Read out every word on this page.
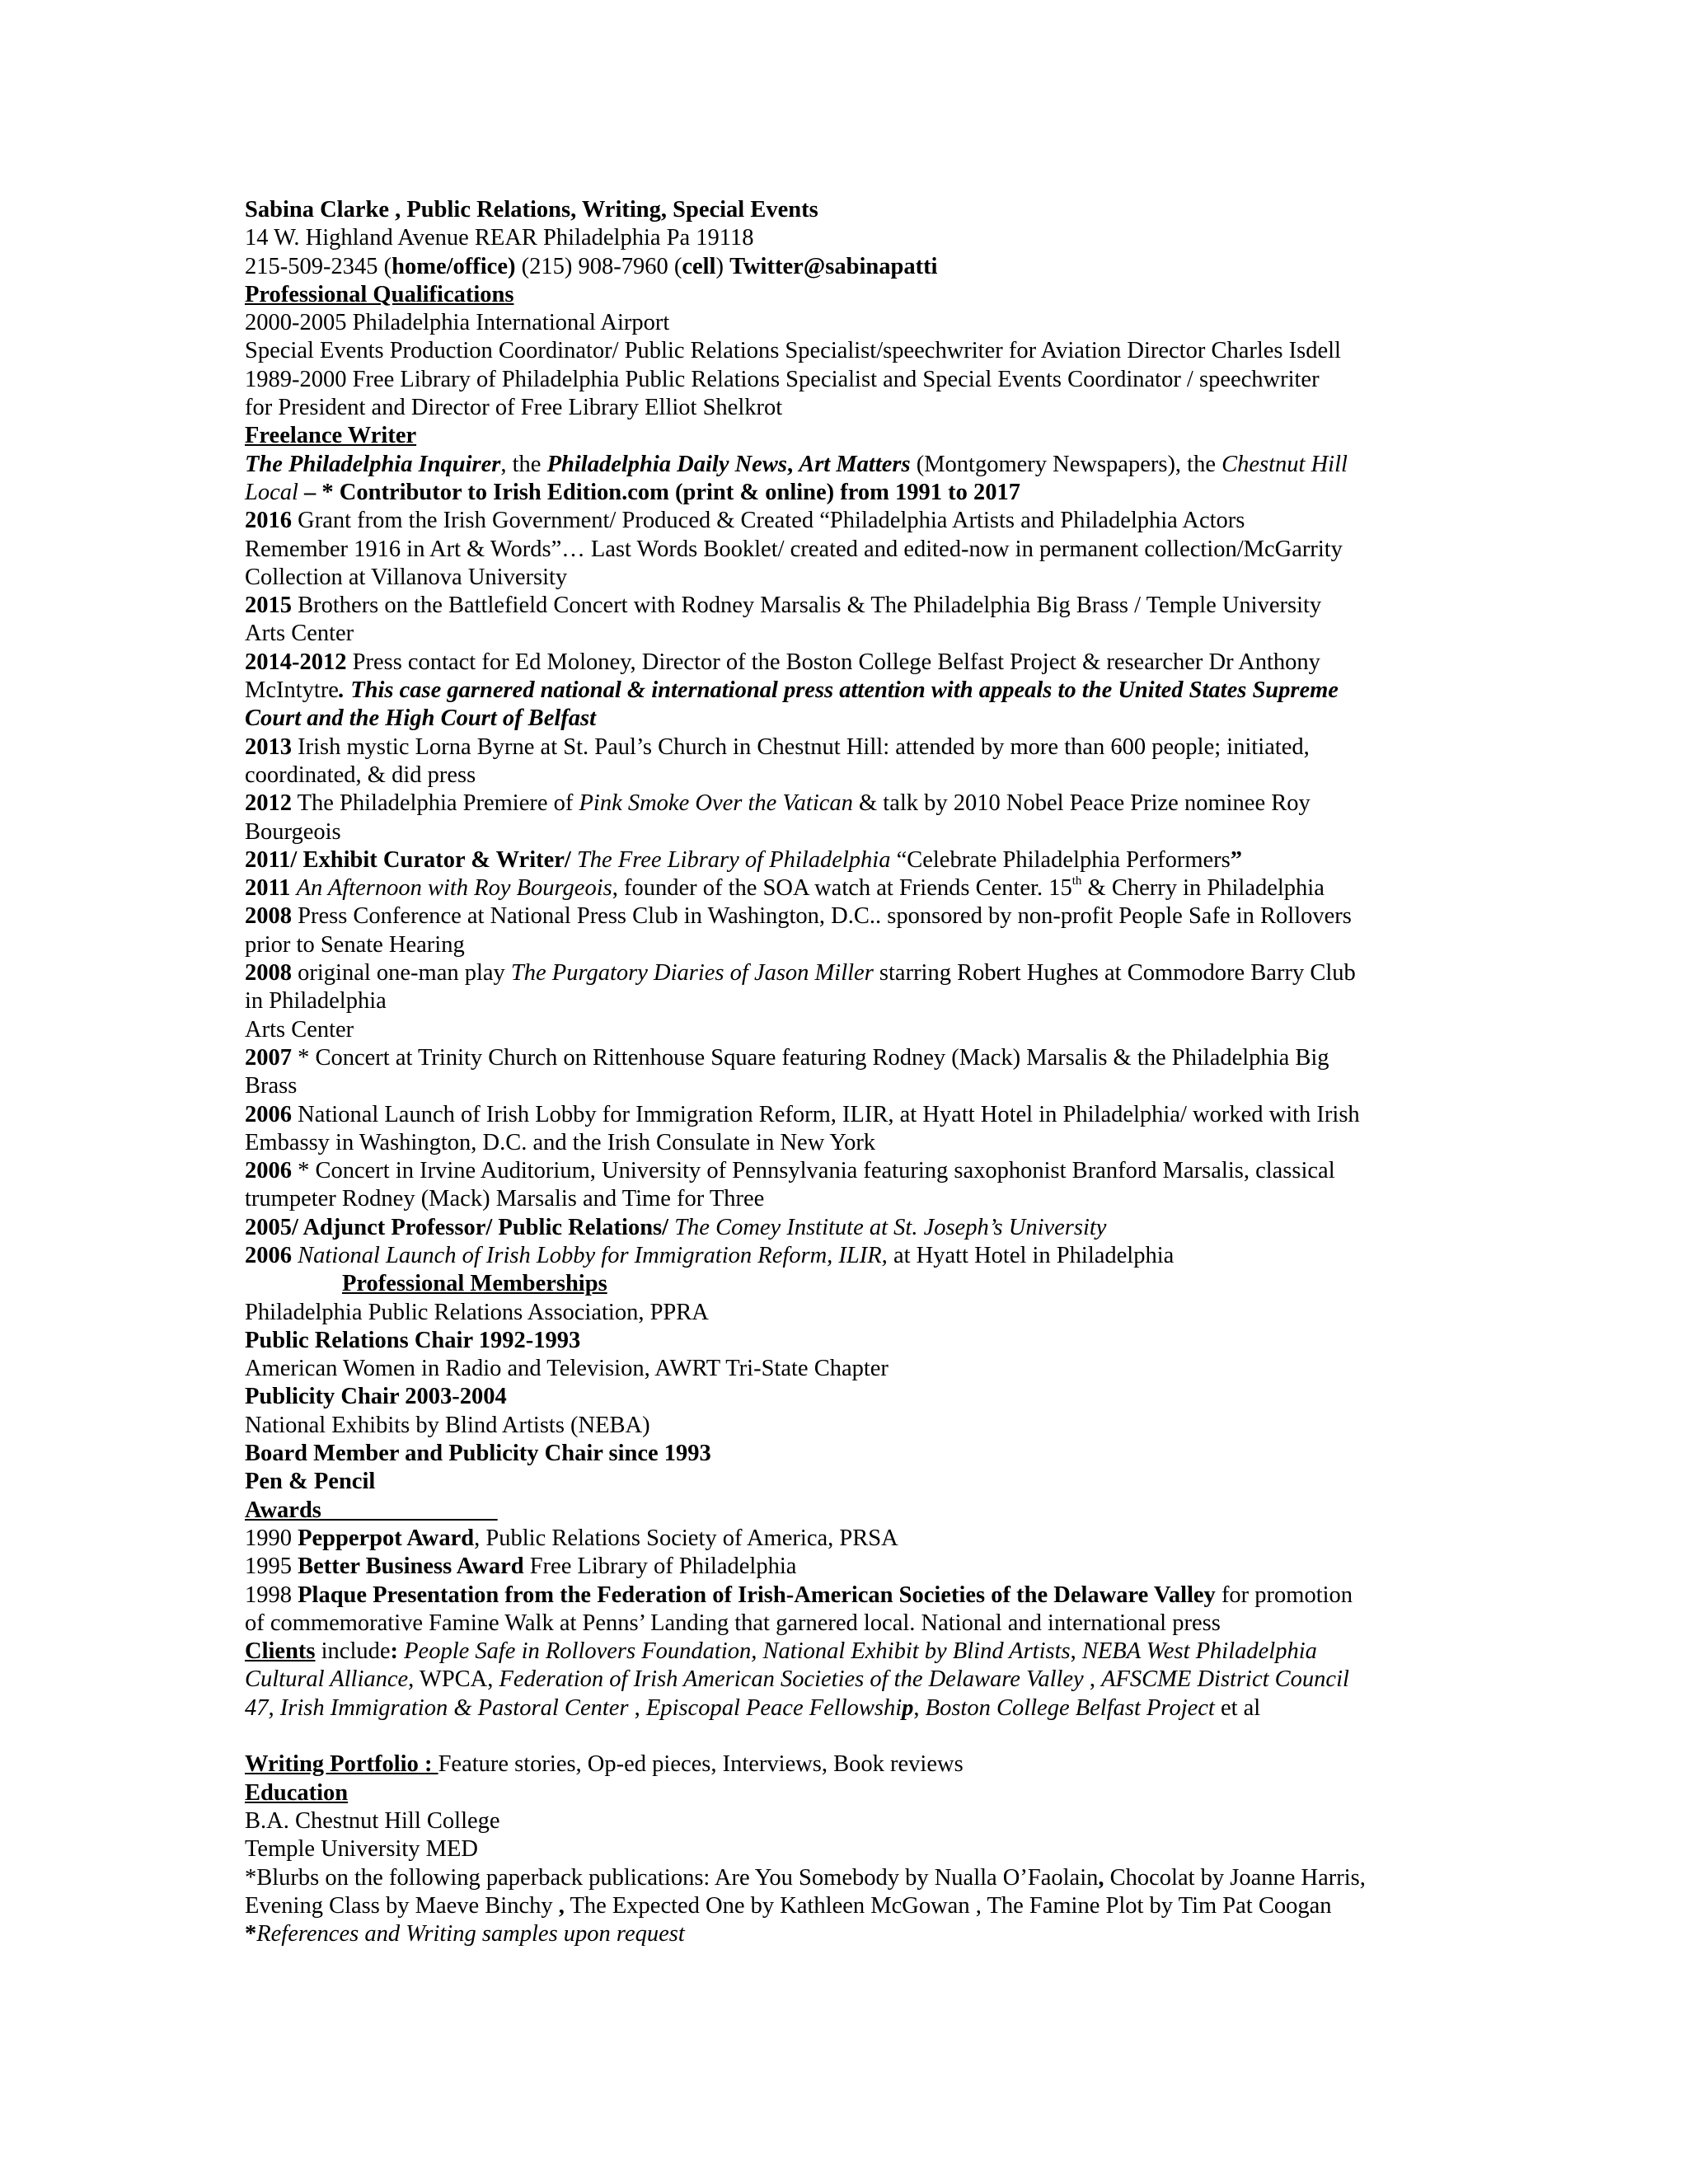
Sabina Clarke , Public Relations, Writing, Special Events
14 W. Highland Avenue REAR Philadelphia Pa 19118
215-509-2345 (home/office) (215) 908-7960 (cell) Twitter@sabinapatti
Professional Qualifications
2000-2005 Philadelphia International Airport
Special Events Production Coordinator/ Public Relations Specialist/speechwriter for Aviation Director Charles Isdell
1989-2000 Free Library of Philadelphia Public Relations Specialist and Special Events Coordinator / speechwriter
for President and Director of Free Library Elliot Shelkrot
Freelance Writer
The Philadelphia Inquirer, the Philadelphia Daily News, Art Matters (Montgomery Newspapers), the Chestnut Hill
Local – * Contributor to Irish Edition.com (print & online) from 1991 to 2017
2016 Grant from the Irish Government/ Produced & Created “Philadelphia Artists and Philadelphia Actors
Remember 1916 in Art & Words”… Last Words Booklet/ created and edited-now in permanent collection/McGarrity
Collection at Villanova University
2015 Brothers on the Battlefield Concert with Rodney Marsalis & The Philadelphia Big Brass / Temple University
Arts Center
2014-2012 Press contact for Ed Moloney, Director of the Boston College Belfast Project & researcher Dr Anthony
McIntytre. This case garnered national & international press attention with appeals to the United States Supreme
Court and the High Court of Belfast
2013 Irish mystic Lorna Byrne at St. Paul’s Church in Chestnut Hill: attended by more than 600 people; initiated,
coordinated, & did press
2012 The Philadelphia Premiere of Pink Smoke Over the Vatican & talk by 2010 Nobel Peace Prize nominee Roy
Bourgeois
2011/ Exhibit Curator & Writer/ The Free Library of Philadelphia “Celebrate Philadelphia Performers”
2011 An Afternoon with Roy Bourgeois, founder of the SOA watch at Friends Center. 15th & Cherry in Philadelphia
2008 Press Conference at National Press Club in Washington, D.C.. sponsored by non-profit People Safe in Rollovers
prior to Senate Hearing
2008 original one-man play The Purgatory Diaries of Jason Miller starring Robert Hughes at Commodore Barry Club
in Philadelphia
Arts Center
2007 * Concert at Trinity Church on Rittenhouse Square featuring Rodney (Mack) Marsalis & the Philadelphia Big
Brass
2006 National Launch of Irish Lobby for Immigration Reform, ILIR, at Hyatt Hotel in Philadelphia/ worked with Irish
Embassy in Washington, D.C. and the Irish Consulate in New York
2006 * Concert in Irvine Auditorium, University of Pennsylvania featuring saxophonist Branford Marsalis, classical
trumpeter Rodney (Mack) Marsalis and Time for Three
2005/ Adjunct Professor/ Public Relations/ The Comey Institute at St. Joseph’s University
2006 National Launch of Irish Lobby for Immigration Reform, ILIR, at Hyatt Hotel in Philadelphia
Professional Memberships
Philadelphia Public Relations Association, PPRA
Public Relations Chair 1992-1993
American Women in Radio and Television, AWRT Tri-State Chapter
Publicity Chair 2003-2004
National Exhibits by Blind Artists (NEBA)
Board Member and Publicity Chair since 1993
Pen & Pencil
Awards
1990 Pepperpot Award, Public Relations Society of America, PRSA
1995 Better Business Award Free Library of Philadelphia
1998 Plaque Presentation from the Federation of Irish-American Societies of the Delaware Valley for promotion
of commemorative Famine Walk at Penns’ Landing that garnered local. National and international press
Clients include: People Safe in Rollovers Foundation, National Exhibit by Blind Artists, NEBA West Philadelphia
Cultural Alliance, WPCA, Federation of Irish American Societies of the Delaware Valley , AFSCME District Council
47, Irish Immigration & Pastoral Center , Episcopal Peace Fellowship, Boston College Belfast Project et al
Writing Portfolio : Feature stories, Op-ed pieces, Interviews, Book reviews
Education
B.A. Chestnut Hill College
Temple University MED
*Blurbs on the following paperback publications: Are You Somebody by Nualla O’Faolain, Chocolat by Joanne Harris,
Evening Class by Maeve Binchy , The Expected One by Kathleen McGowan , The Famine Plot by Tim Pat Coogan
*References and Writing samples upon request
